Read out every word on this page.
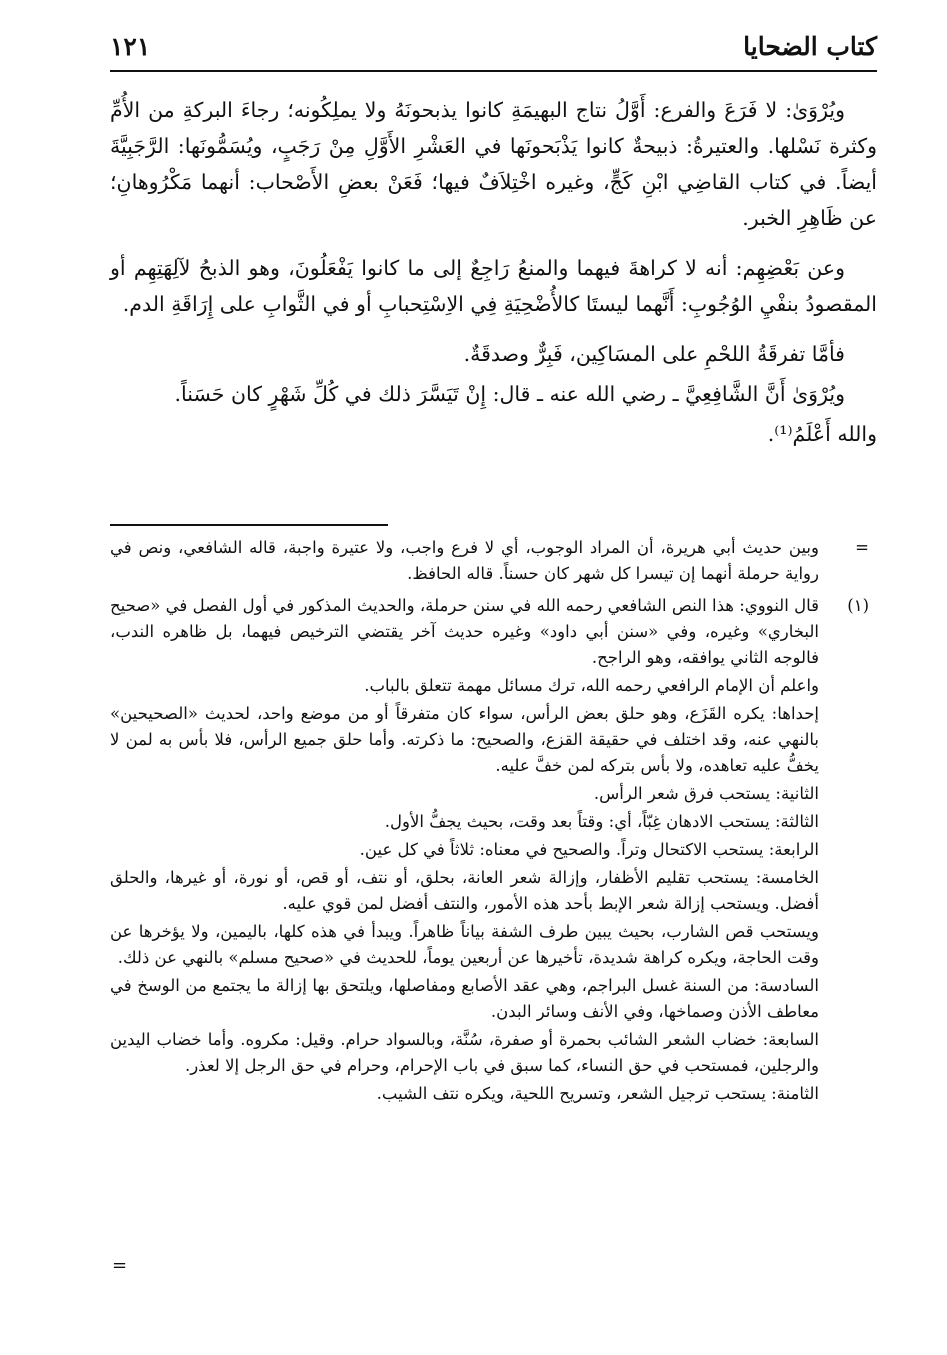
كتاب الضحايا
١٢١

ويُرْوَىٰ: لا فَرَعَ والفرع: أَوَّلُ نتاج البهيمَةِ كانوا يذبحونَهُ ولا يملِكُونه؛ رجاءَ البركةِ من الأُمِّ وكثرة نَسْلها. والعتيرةُ: ذبيحةٌ كانوا يَذْبَحونَها في العَشْرِ الأَوَّلِ مِنْ رَجَبٍ، ويُسَمُّونَها: الرَّجَبِيَّةَ أيضاً. في كتاب القاضِي ابْنِ كَجٍّ، وغيره اخْتِلاَفٌ فيها؛ فَعَنْ بعضِ الأَصْحاب: أنهما مَكْرُوهانِ؛ عن ظَاهِرِ الخبر.

وعن بَعْضِهِم: أنه لا كراهةَ فيهما والمنعُ رَاجِعٌ إلى ما كانوا يَفْعَلُونَ، وهو الذبحُ لآلِهَتِهِم أو المقصودُ بنفْيِ الوُجُوبِ: أَنَّهما ليستَا كالأُضْحِيَةِ فِي الاِسْتِحبابِ أو في الثَّوابِ على إِرَاقَةِ الدم.

فأمَّا تفرقَةُ اللحْمِ على المسَاكِين، فَبِرٌّ وصدقَةٌ.

ويُرْوَىٰ أَنَّ الشَّافِعِيَّ ـ رضي الله عنه ـ قال: إِنْ تَيَسَّرَ ذلك في كُلِّ شَهْرٍ كان حَسَناً.

والله أَعْلَمُ⁽¹⁾.

=

وبين حديث أبي هريرة، أن المراد الوجوب، أي لا فرع واجب، ولا عتيرة واجبة، قاله الشافعي، ونص في رواية حرملة أنهما إن تيسرا كل شهر كان حسناً. قاله الحافظ.

(١)

قال النووي: هذا النص الشافعي رحمه الله في سنن حرملة، والحديث المذكور في أول الفصل في «صحيح البخاري» وغيره، وفي «سنن أبي داود» وغيره حديث آخر يقتضي الترخيص فيهما، بل ظاهره الندب، فالوجه الثاني يوافقه، وهو الراجح.

واعلم أن الإمام الرافعي رحمه الله، ترك مسائل مهمة تتعلق بالباب.

إحداها: يكره القَزَع، وهو حلق بعض الرأس، سواء كان متفرقاً أو من موضع واحد، لحديث «الصحيحين» بالنهي عنه، وقد اختلف في حقيقة القزع، والصحيح: ما ذكرته. وأما حلق جميع الرأس، فلا بأس به لمن لا يخفُّ عليه تعاهده، ولا بأس بتركه لمن خفَّ عليه.

الثانية: يستحب فرق شعر الرأس.

الثالثة: يستحب الادهان غِبّاً، أي: وقتاً بعد وقت، بحيث يجفُّ الأول.

الرابعة: يستحب الاكتحال وتراً. والصحيح في معناه: ثلاثاً في كل عين.

الخامسة: يستحب تقليم الأظفار، وإزالة شعر العانة، بحلق، أو نتف، أو قص، أو نورة، أو غيرها، والحلق أفضل. ويستحب إزالة شعر الإبط بأحد هذه الأمور، والنتف أفضل لمن قوي عليه.

ويستحب قص الشارب، بحيث يبين طرف الشفة بياناً ظاهراً. ويبدأ في هذه كلها، باليمين، ولا يؤخرها عن وقت الحاجة، ويكره كراهة شديدة، تأخيرها عن أربعين يوماً، للحديث في «صحيح مسلم» بالنهي عن ذلك.

السادسة: من السنة غسل البراجم، وهي عقد الأصابع ومفاصلها، ويلتحق بها إزالة ما يجتمع من الوسخ في معاطف الأذن وصماخها، وفي الأنف وسائر البدن.

السابعة: خضاب الشعر الشائب بحمرة أو صفرة، سُنَّة، وبالسواد حرام. وقيل: مكروه. وأما خضاب اليدين والرجلين، فمستحب في حق النساء، كما سبق في باب الإحرام، وحرام في حق الرجل إلا لعذر.

الثامنة: يستحب ترجيل الشعر، وتسريح اللحية، ويكره نتف الشيب.

=
